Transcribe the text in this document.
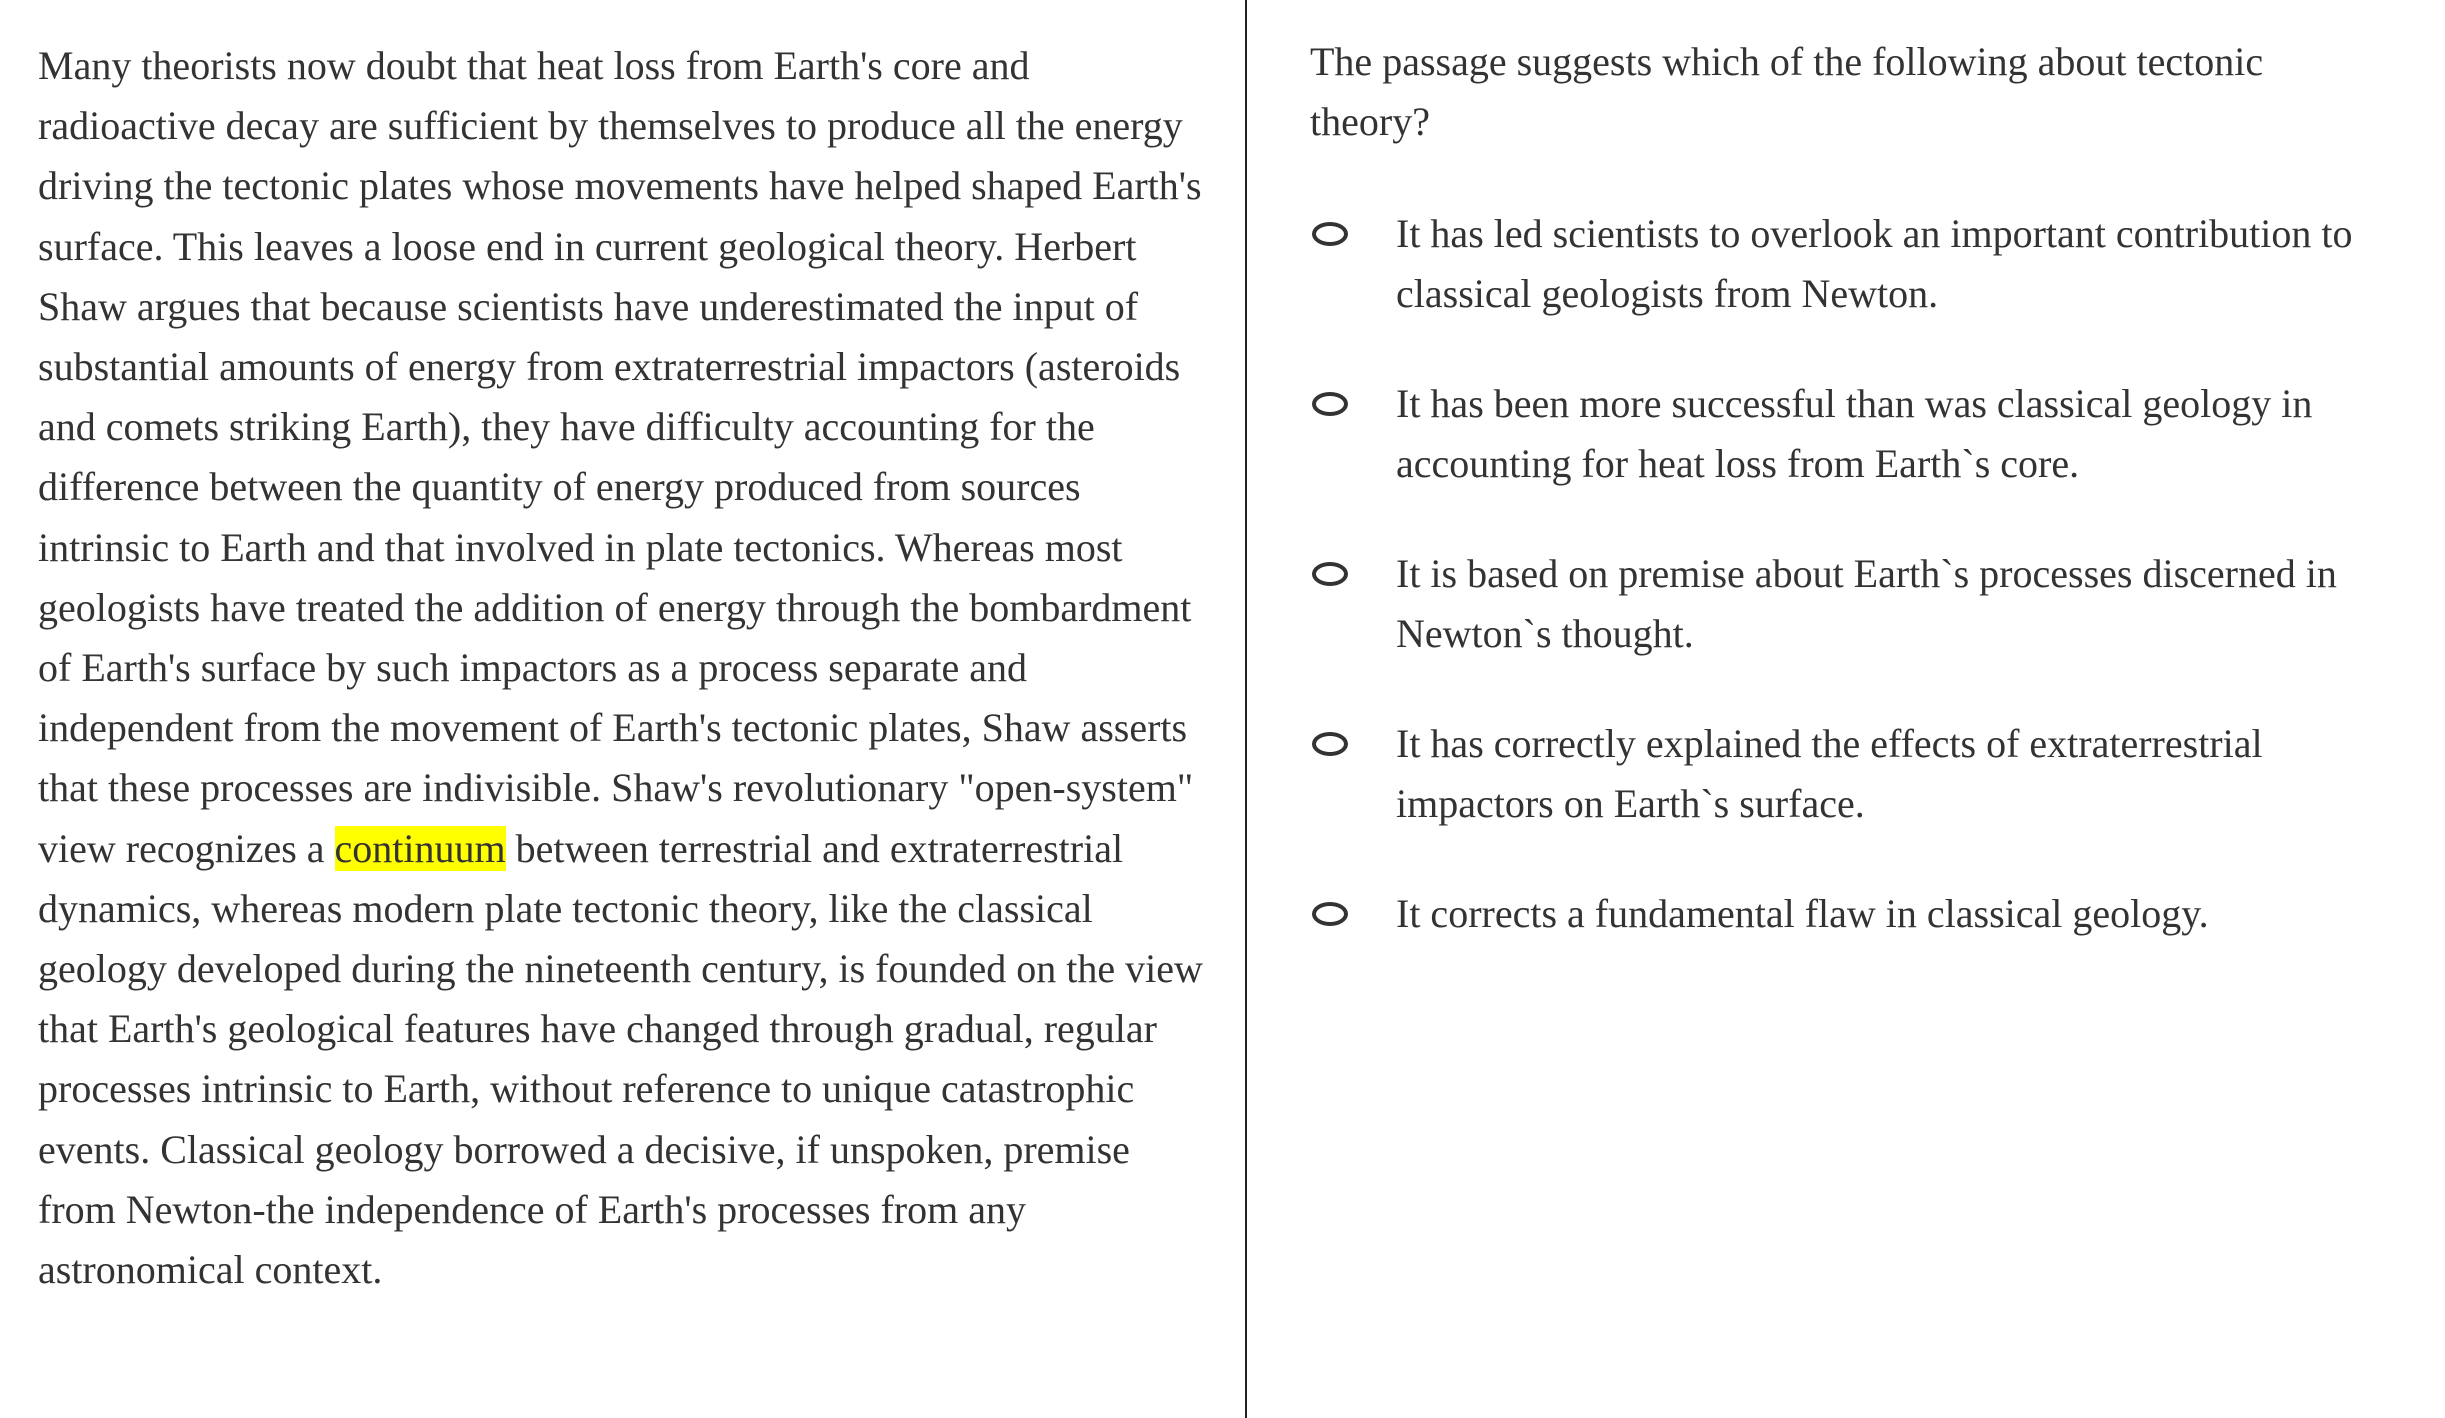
Many theorists now doubt that heat loss from Earth's core and radioactive decay are sufficient by themselves to produce all the energy driving the tectonic plates whose movements have helped shaped Earth's surface. This leaves a loose end in current geological theory. Herbert Shaw argues that because scientists have underestimated the input of substantial amounts of energy from extraterrestrial impactors (asteroids and comets striking Earth), they have difficulty accounting for the difference between the quantity of energy produced from sources intrinsic to Earth and that involved in plate tectonics. Whereas most geologists have treated the addition of energy through the bombardment of Earth's surface by such impactors as a process separate and independent from the movement of Earth's tectonic plates, Shaw asserts that these processes are indivisible. Shaw's revolutionary "open-system" view recognizes a continuum between terrestrial and extraterrestrial dynamics, whereas modern plate tectonic theory, like the classical geology developed during the nineteenth century, is founded on the view that Earth's geological features have changed through gradual, regular processes intrinsic to Earth, without reference to unique catastrophic events. Classical geology borrowed a decisive, if unspoken, premise from Newton-the independence of Earth's processes from any astronomical context.

The passage suggests which of the following about tectonic theory?

It has led scientists to overlook an important contribution to classical geologists from Newton.
It has been more successful than was classical geology in accounting for heat loss from Earth`s core.
It is based on premise about Earth`s processes discerned in Newton`s thought.
It has correctly explained the effects of extraterrestrial impactors on Earth`s surface.
It corrects a fundamental flaw in classical geology.
